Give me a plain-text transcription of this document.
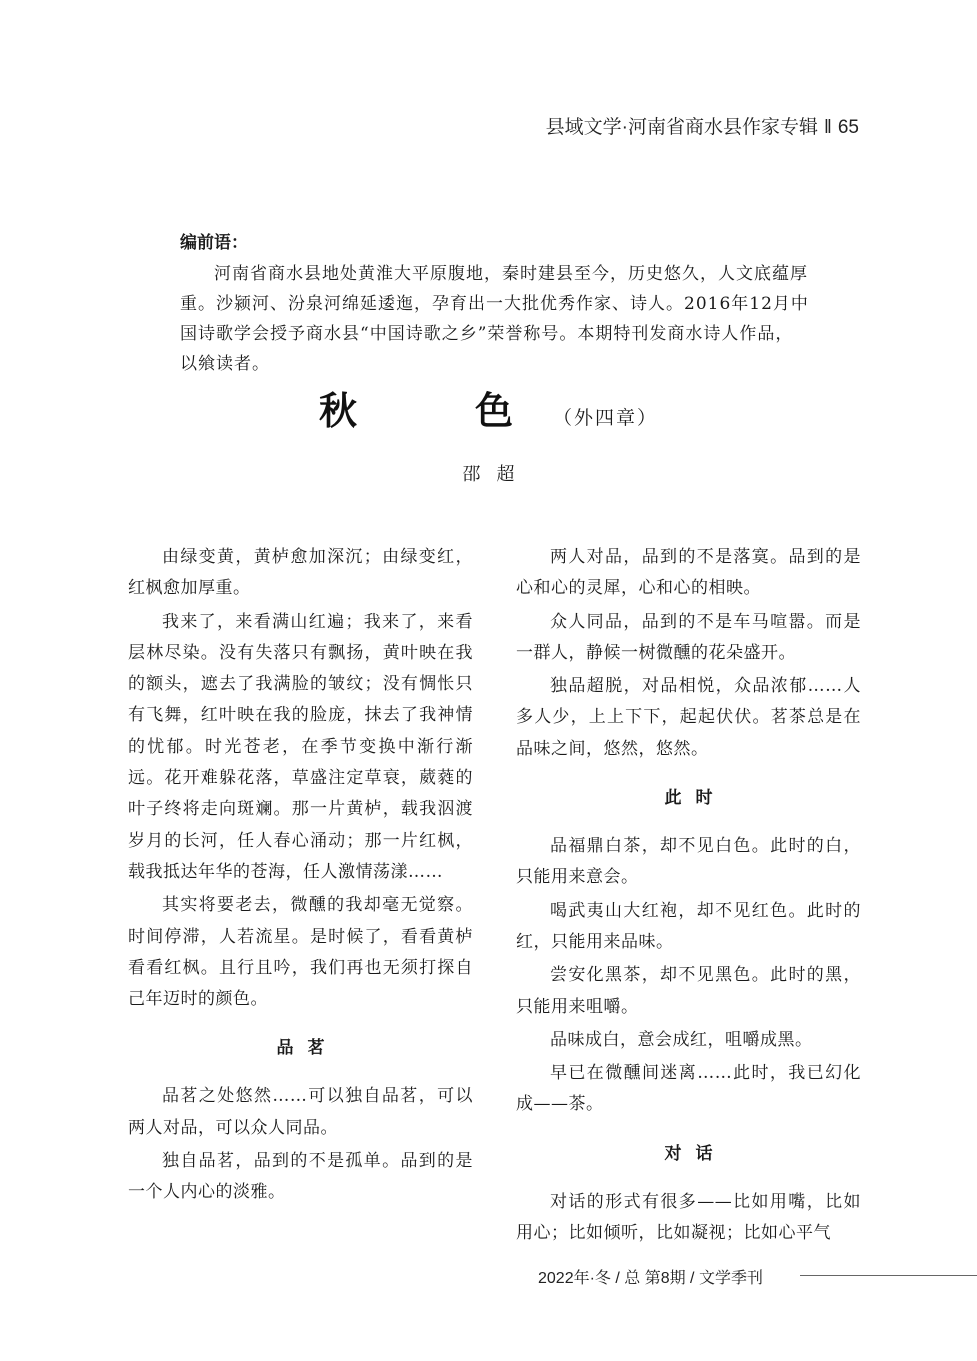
县域文学·河南省商水县作家专辑 ‖ 65
编前语：

河南省商水县地处黄淮大平原腹地，秦时建县至今，历史悠久，人文底蕴厚重。沙颍河、汾泉河绵延逶迤，孕育出一大批优秀作家、诗人。2016年12月中国诗歌学会授予商水县“中国诗歌之乡”荣誉称号。本期特刊发商水诗人作品，以飨读者。

秋　色（外四章）
邵超

由绿变黄，黄栌愈加深沉；由绿变红，红枫愈加厚重。

我来了，来看满山红遍；我来了，来看层林尽染。没有失落只有飘扬，黄叶映在我的额头，遮去了我满脸的皱纹；没有惆怅只有飞舞，红叶映在我的脸庞，抹去了我神情的忧郁。时光苍老，在季节变换中渐行渐远。花开难躲花落，草盛注定草衰，葳蕤的叶子终将走向斑斓。那一片黄栌，载我泅渡岁月的长河，任人春心涌动；那一片红枫，载我抵达年华的苍海，任人激情荡漾……

其实将要老去，微醺的我却毫无觉察。时间停滞，人若流星。是时候了，看看黄栌看看红枫。且行且吟，我们再也无须打探自己年迈时的颜色。

品茗

品茗之处悠然……可以独自品茗，可以两人对品，可以众人同品。

独自品茗，品到的不是孤单。品到的是一个人内心的淡雅。

两人对品，品到的不是落寞。品到的是心和心的灵犀，心和心的相映。

众人同品，品到的不是车马喧嚣。而是一群人，静候一树微醺的花朵盛开。

独品超脱，对品相悦，众品浓郁……人多人少，上上下下，起起伏伏。茗茶总是在品味之间，悠然，悠然。

此时

品福鼎白茶，却不见白色。此时的白，只能用来意会。

喝武夷山大红袍，却不见红色。此时的红，只能用来品味。

尝安化黑茶，却不见黑色。此时的黑，只能用来咀嚼。

品味成白，意会成红，咀嚼成黑。

早已在微醺间迷离……此时，我已幻化成——茶。

对话

对话的形式有很多——比如用嘴，比如用心；比如倾听，比如凝视；比如心平气

2022年·冬 / 总 第8期 / 文学季刊
